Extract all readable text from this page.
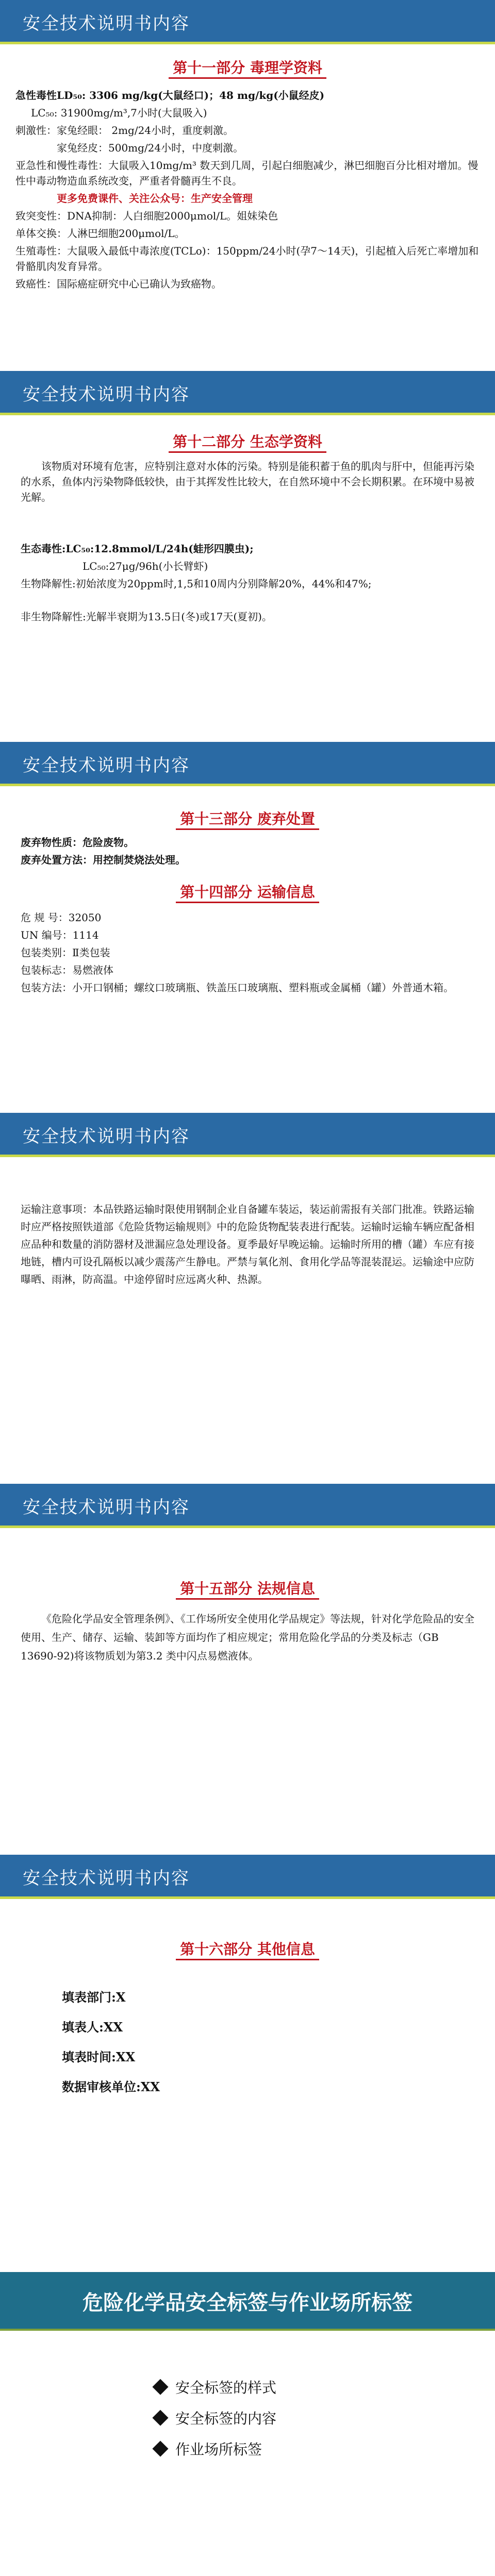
安全技术说明书内容
第十一部分 毒理学资料
急性毒性LD₅₀: 3306 mg/kg(大鼠经口)；48 mg/kg(小鼠经皮)
LC₅₀: 31900mg/m³,7小时(大鼠吸入)
刺激性：家兔经眼： 2mg/24小时，重度刺激。
家兔经皮：500mg/24小时，中度刺激。
亚急性和慢性毒性：大鼠吸入10mg/m³ 数天到几周，引起白细胞减少，淋巴细胞百分比相对增加。慢性中毒动物造血系统改变，严重者骨髓再生不良。
更多免费课件、关注公众号：生产安全管理
致突变性：DNA抑制：人白细胞2000μmol/L。姐妹染色
单体交换：人淋巴细胞200μmol/L。
生殖毒性：大鼠吸入最低中毒浓度(TCLo)：150ppm/24小时(孕7～14天)，引起植入后死亡率增加和骨骼肌肉发育异常。
致癌性：国际癌症研究中心已确认为致癌物。
安全技术说明书内容
第十二部分 生态学资料
该物质对环境有危害，应特别注意对水体的污染。特别是能积蓄于鱼的肌肉与肝中，但能再污染的水系，鱼体内污染物降低较快，由于其挥发性比较大，在自然环境中不会长期积累。在环境中易被光解。
生态毒性:LC₅₀:12.8mmol/L/24h(蛙形四膜虫);
LC₅₀:27μg/96h(小长臂虾)
生物降解性:初始浓度为20ppm时,1,5和10周内分别降解20%，44%和47%;
非生物降解性:光解半衰期为13.5日(冬)或17天(夏初)。
安全技术说明书内容
第十三部分 废弃处置
废弃物性质：危险废物。
废弃处置方法：用控制焚烧法处理。
第十四部分 运输信息
危 规 号：32050
UN 编号：1114
包装类别：Ⅱ类包装
包装标志：易燃液体
包装方法：小开口钢桶；螺纹口玻璃瓶、铁盖压口玻璃瓶、塑料瓶或金属桶（罐）外普通木箱。
安全技术说明书内容
运输注意事项：本品铁路运输时限使用钢制企业自备罐车装运，装运前需报有关部门批准。铁路运输时应严格按照铁道部《危险货物运输规则》中的危险货物配装表进行配装。运输时运输车辆应配备相应品种和数量的消防器材及泄漏应急处理设备。夏季最好早晚运输。运输时所用的槽（罐）车应有接地链，槽内可设孔隔板以减少震荡产生静电。严禁与氧化剂、食用化学品等混装混运。运输途中应防曝晒、雨淋，防高温。中途停留时应远离火种、热源。
安全技术说明书内容
第十五部分 法规信息
《危险化学品安全管理条例》、《工作场所安全使用化学品规定》等法规，针对化学危险品的安全使用、生产、储存、运输、装卸等方面均作了相应规定；常用危险化学品的分类及标志（GB 13690-92)将该物质划为第3.2 类中闪点易燃液体。
安全技术说明书内容
第十六部分 其他信息
填表部门:X
填表人:XX
填表时间:XX
数据审核单位:XX
危险化学品安全标签与作业场所标签
安全标签的样式
安全标签的内容
作业场所标签
